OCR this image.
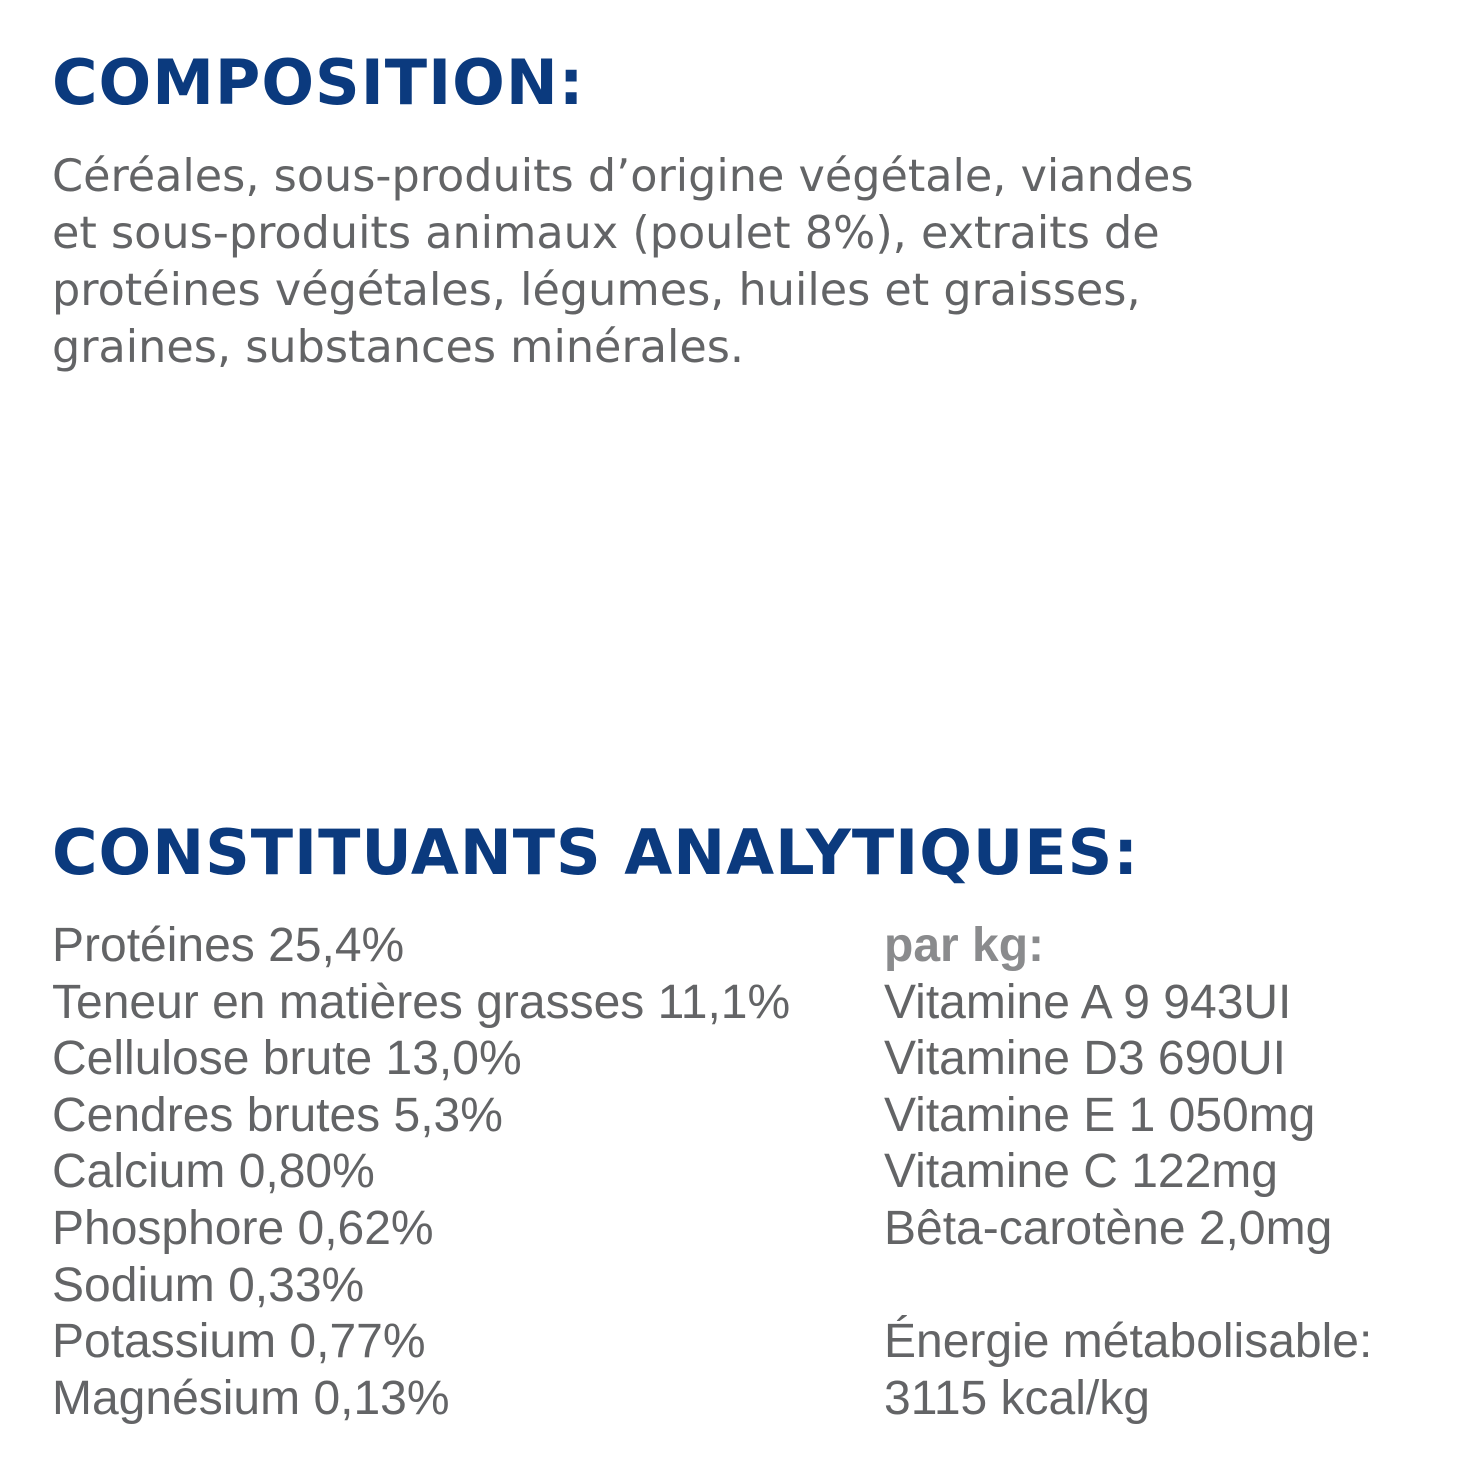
COMPOSITION:

Céréales, sous-produits d’origine végétale, viandes
et sous-produits animaux (poulet 8%), extraits de
protéines végétales, légumes, huiles et graisses,
graines, substances minérales.

CONSTITUANTS ANALYTIQUES:
Protéines 25,4%
Teneur en matières grasses 11,1%
Cellulose brute 13,0%
Cendres brutes 5,3%
Calcium 0,80%
Phosphore 0,62%
Sodium 0,33%
Potassium 0,77%
Magnésium 0,13%
par kg:
Vitamine A 9 943UI
Vitamine D3 690UI
Vitamine E 1 050mg
Vitamine C 122mg
Bêta-carotène 2,0mg
Énergie métabolisable:
3115 kcal/kg
